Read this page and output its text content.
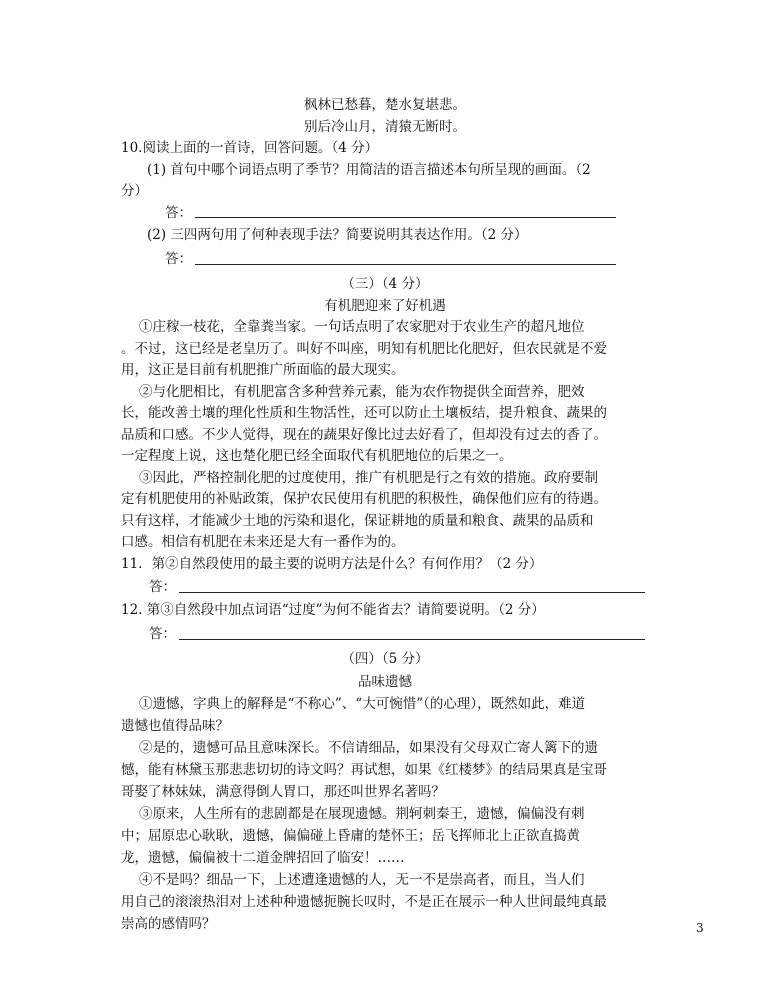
枫林已愁暮，楚水复堪悲。
别后冷山月，清猿无断时。
10.阅读上面的一首诗，回答问题。（4 分）
(1) 首句中哪个词语点明了季节？用简洁的语言描述本句所呈现的画面。（2
分）
答：
(2) 三四两句用了何种表现手法？简要说明其表达作用。（2 分）
答：
（三）（4 分）
有机肥迎来了好机遇
①庄稼一枝花，全靠粪当家。一句话点明了农家肥对于农业生产的超凡地位
。不过，这已经是老皇历了。叫好不叫座，明知有机肥比化肥好，但农民就是不爱
用，这正是目前有机肥推广所面临的最大现实。
②与化肥相比，有机肥富含多种营养元素，能为农作物提供全面营养，肥效
长，能改善土壤的理化性质和生物活性，还可以防止土壤板结，提升粮食、蔬果的
品质和口感。不少人觉得，现在的蔬果好像比过去好看了，但却没有过去的香了。
一定程度上说，这也楚化肥已经全面取代有机肥地位的后果之一。
③因此，严格控制化肥的过度使用，推广有机肥是行之有效的措施。政府要制
定有机肥使用的补贴政策，保护农民使用有机肥的积极性，确保他们应有的待遇。
只有这样，才能减少土地的污染和退化，保证耕地的质量和粮食、蔬果的品质和
口感。相信有机肥在未来还是大有一番作为的。
11．第②自然段使用的最主要的说明方法是什么？有何作用？（2 分）
答：
12. 第③自然段中加点词语“过度”为何不能省去？请简要说明。（2 分）
答：
（四）（5 分）
品味遗憾
①遗憾，字典上的解释是“不称心”、“大可惋惜”（的心理），既然如此，难道
遗憾也值得品味？
②是的，遗憾可品且意味深长。不信请细品，如果没有父母双亡寄人篱下的遗
憾，能有林黛玉那悲悲切切的诗文吗？再试想，如果《红楼梦》的结局果真是宝哥
哥娶了林妹妹，满意得倒人胃口，那还叫世界名著吗？
③原来，人生所有的悲剧都是在展现遗憾。荆轲刺秦王，遗憾，偏偏没有刺
中；屈原忠心耿耿，遗憾，偏偏碰上昏庸的楚怀王；岳飞挥师北上正欲直捣黄
龙，遗憾，偏偏被十二道金牌招回了临安！……
④不是吗？细品一下，上述遭逢遗憾的人，无一不是崇高者，而且，当人们
用自己的滚滚热泪对上述种种遗憾扼腕长叹时，不是正在展示一种人世间最纯真最
崇高的感情吗？	3
